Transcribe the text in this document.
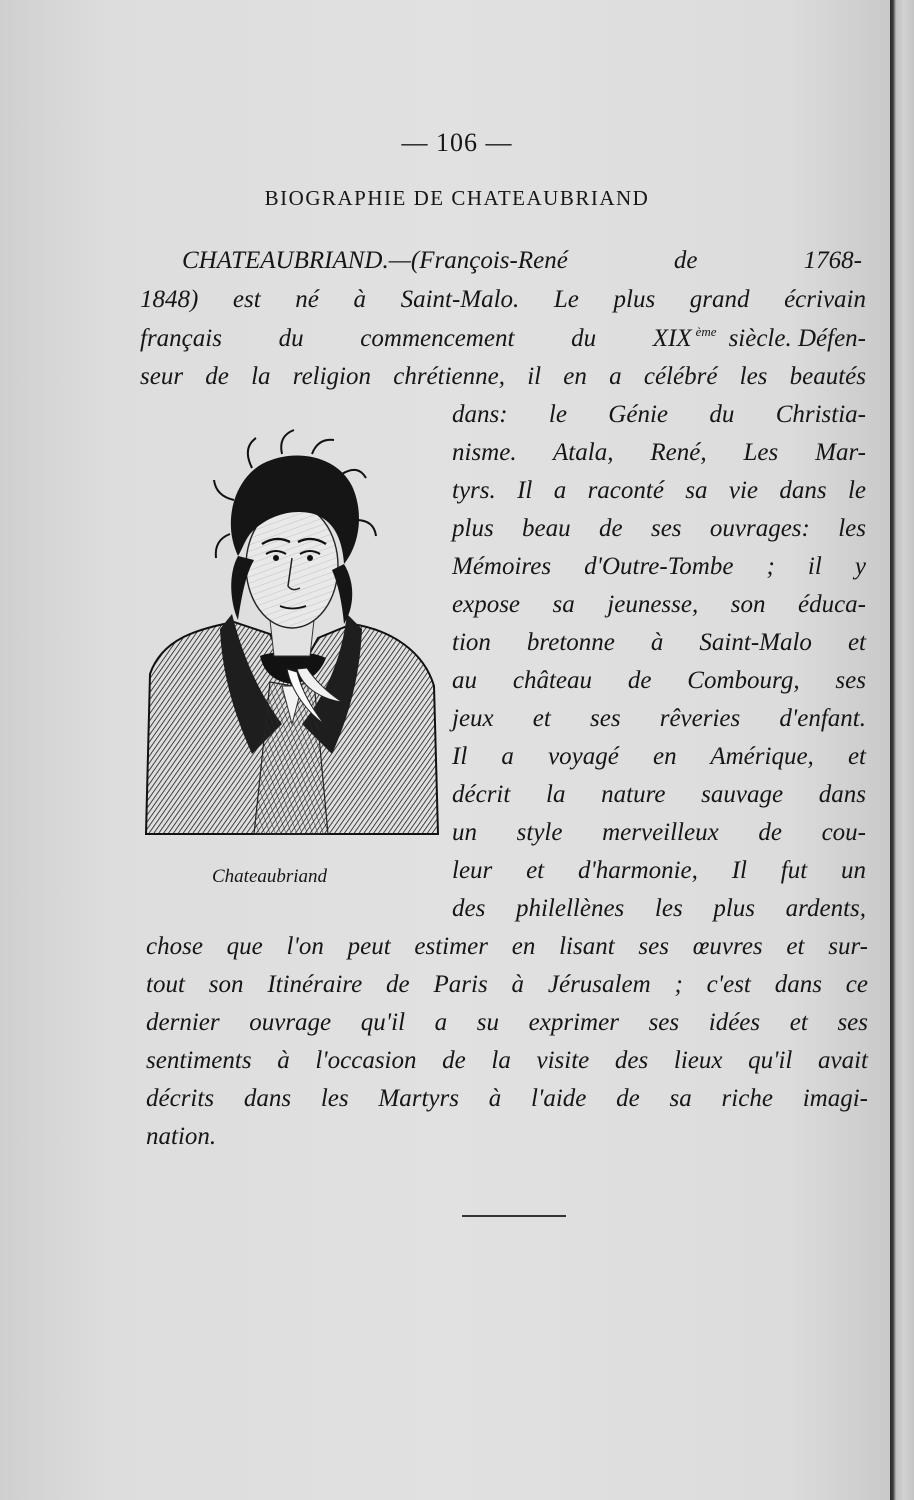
— 106 —
BIOGRAPHIE DE CHATEAUBRIAND
CHATEAUBRIAND.—(François-René de 1768-
1848) est né à Saint-Malo. Le plus grand écrivain
français du commencement du XIX $^{ème}$ siècle. Défen-
seur de la religion chrétienne, il en a célébré les beautés
dans: le Génie du Christia-
nisme. Atala, René, Les Mar-
tyrs. Il a raconté sa vie dans le
plus beau de ses ouvrages: les
Mémoires d'Outre-Tombe ; il y
expose sa jeunesse, son éduca-
tion bretonne à Saint-Malo et
au château de Combourg, ses
jeux et ses rêveries d'enfant.
Il a voyagé en Amérique, et
décrit la nature sauvage dans
un style merveilleux de cou-
leur et d'harmonie, Il fut un
des philellènes les plus ardents,
chose que l'on peut estimer en lisant ses œuvres et sur-
tout son Itinéraire de Paris à Jérusalem ; c'est dans ce
dernier ouvrage qu'il a su exprimer ses idées et ses
sentiments à l'occasion de la visite des lieux qu'il avait
décrits dans les Martyrs à l'aide de sa riche imagi-
nation.
Chateaubriand
